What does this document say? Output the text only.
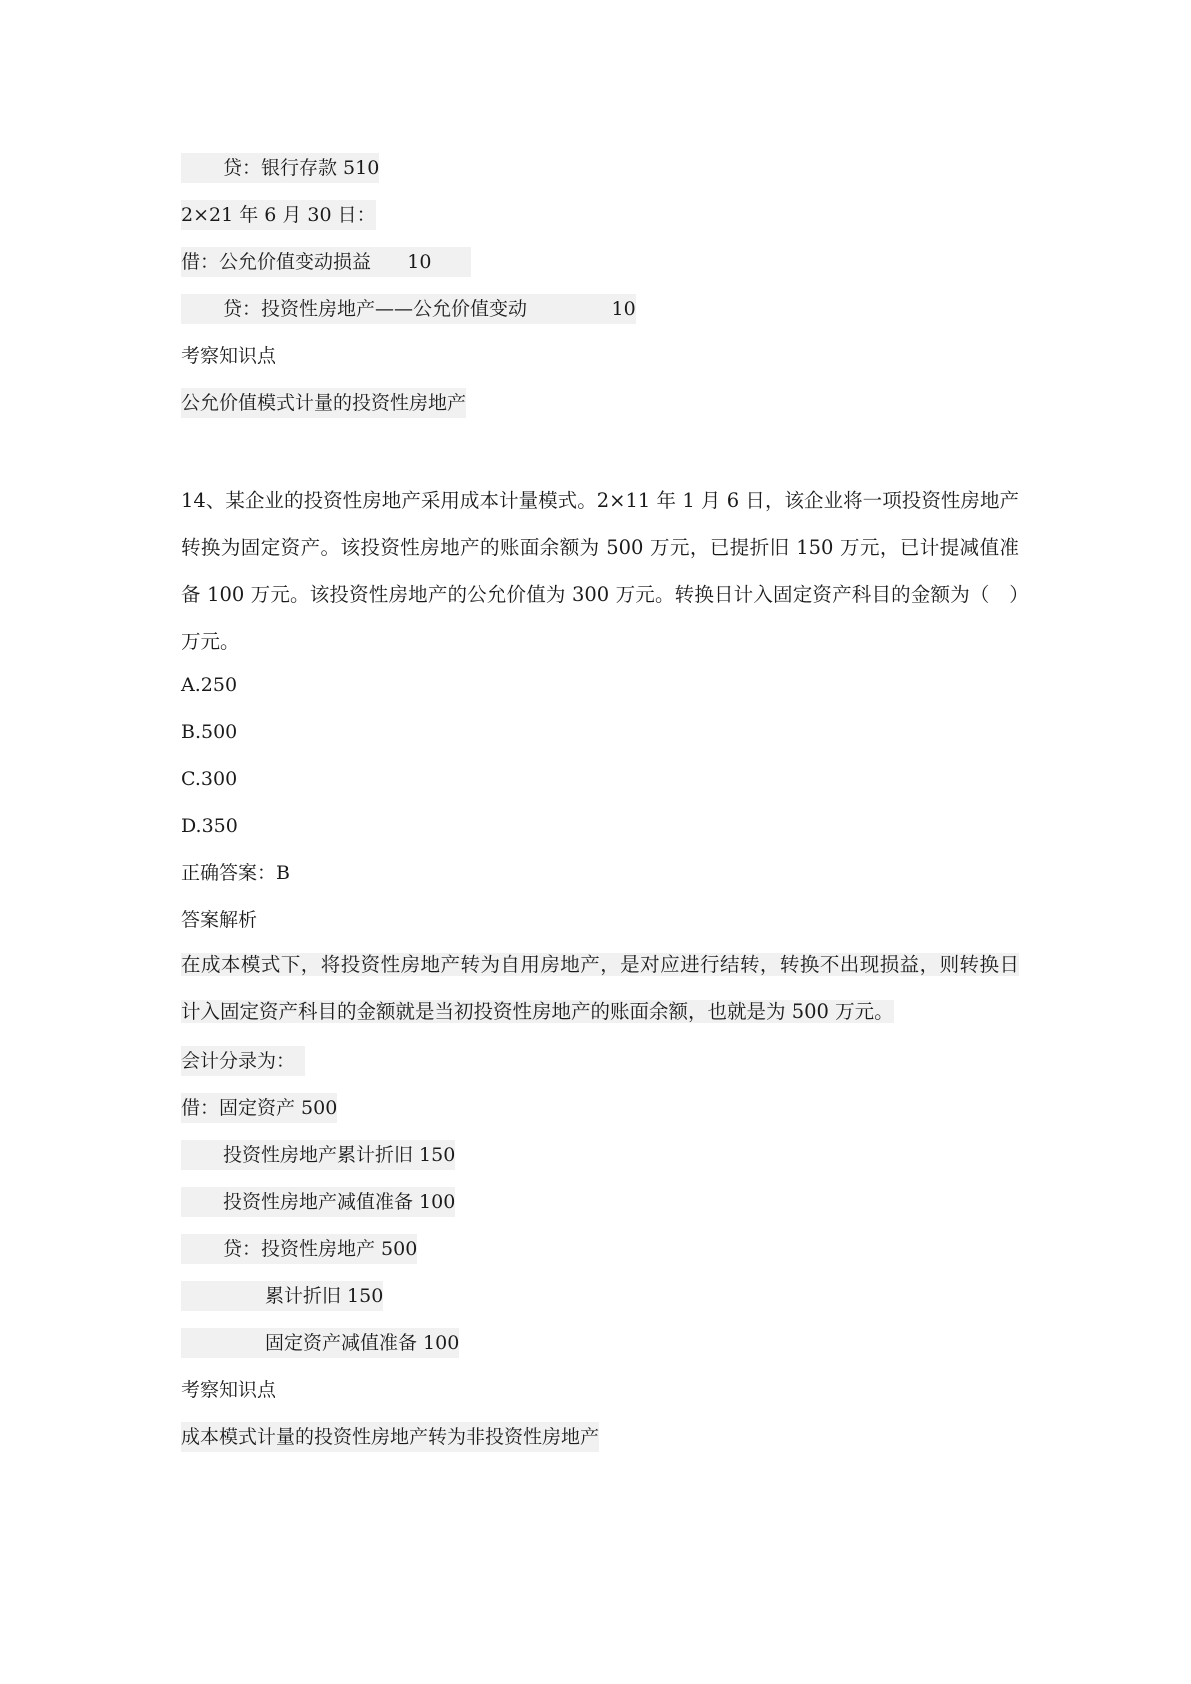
贷：银行存款 510
2×21 年 6 月 30 日：
借：公允价值变动损益      10
贷：投资性房地产——公允价值变动              10
考察知识点
公允价值模式计量的投资性房地产
14、某企业的投资性房地产采用成本计量模式。2×11 年 1 月 6 日，该企业将一项投资性房地产转换为固定资产。该投资性房地产的账面余额为 500 万元，已提折旧 150 万元，已计提减值准备 100 万元。该投资性房地产的公允价值为 300 万元。转换日计入固定资产科目的金额为（　）万元。
A.250
B.500
C.300
D.350
正确答案：B
答案解析
在成本模式下，将投资性房地产转为自用房地产，是对应进行结转，转换不出现损益，则转换日计入固定资产科目的金额就是当初投资性房地产的账面余额，也就是为 500 万元。
会计分录为：
借：固定资产 500
投资性房地产累计折旧 150
投资性房地产减值准备 100
贷：投资性房地产 500
累计折旧 150
固定资产减值准备 100
考察知识点
成本模式计量的投资性房地产转为非投资性房地产
